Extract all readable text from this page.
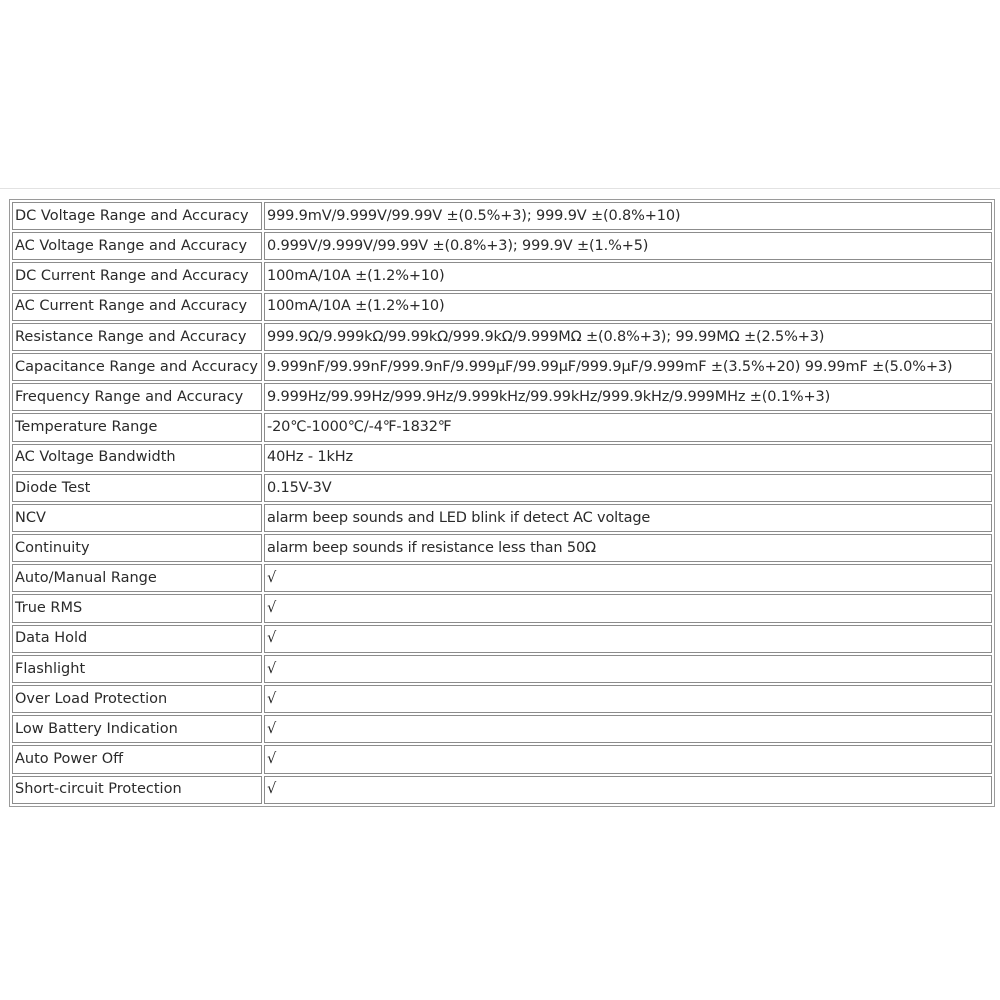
DC Voltage Range and Accuracy	999.9mV/9.999V/99.99V ±(0.5%+3); 999.9V ±(0.8%+10)
AC Voltage Range and Accuracy	0.999V/9.999V/99.99V ±(0.8%+3); 999.9V ±(1.%+5)
DC Current Range and Accuracy	100mA/10A ±(1.2%+10)
AC Current Range and Accuracy	100mA/10A ±(1.2%+10)
Resistance Range and Accuracy	999.9Ω/9.999kΩ/99.99kΩ/999.9kΩ/9.999MΩ ±(0.8%+3); 99.99MΩ ±(2.5%+3)
Capacitance Range and Accuracy	9.999nF/99.99nF/999.9nF/9.999μF/99.99μF/999.9μF/9.999mF ±(3.5%+20) 99.99mF ±(5.0%+3)
Frequency Range and Accuracy	9.999Hz/99.99Hz/999.9Hz/9.999kHz/99.99kHz/999.9kHz/9.999MHz ±(0.1%+3)
Temperature Range	-20℃-1000℃/-4℉-1832℉
AC Voltage Bandwidth	40Hz - 1kHz
Diode Test	0.15V-3V
NCV	alarm beep sounds and LED blink if detect AC voltage
Continuity	alarm beep sounds if resistance less than 50Ω
Auto/Manual Range	√
True RMS	√
Data Hold	√
Flashlight	√
Over Load Protection	√
Low Battery Indication	√
Auto Power Off	√
Short-circuit Protection	√
